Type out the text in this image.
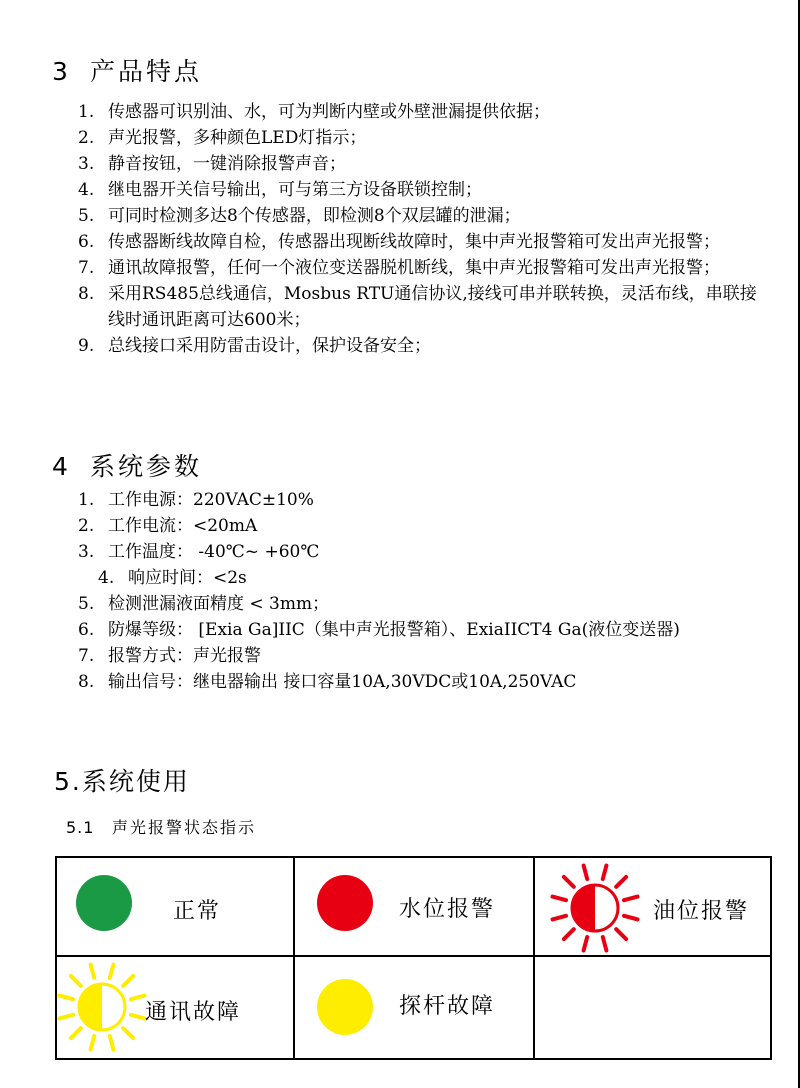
3 产品特点

1. 传感器可识别油、水，可为判断内壁或外壁泄漏提供依据；

2. 声光报警，多种颜色LED灯指示；

3. 静音按钮，一键消除报警声音；

4. 继电器开关信号输出，可与第三方设备联锁控制；

5. 可同时检测多达8个传感器，即检测8个双层罐的泄漏；

6. 传感器断线故障自检，传感器出现断线故障时，集中声光报警箱可发出声光报警；

7. 通讯故障报警，任何一个液位变送器脱机断线，集中声光报警箱可发出声光报警；

8. 采用RS485总线通信，Mosbus RTU通信协议,接线可串并联转换，灵活布线，串联接线时通讯距离可达600米；

9. 总线接口采用防雷击设计，保护设备安全；

4 系统参数

1. 工作电源：220VAC±10%

2. 工作电流：<20mA

3. 工作温度： -40℃~ +60℃

4. 响应时间：<2s

5. 检测泄漏液面精度 < 3mm；

6. 防爆等级： [Exia Ga]IIC（集中声光报警箱）、ExiaIICT4 Ga(液位变送器)

7. 报警方式：声光报警

8. 输出信号：继电器输出 接口容量10A,30VDC或10A,250VAC

5.系统使用
5.1 声光报警状态指示
正常	水位报警	油位报警
通讯故障	探杆故障
